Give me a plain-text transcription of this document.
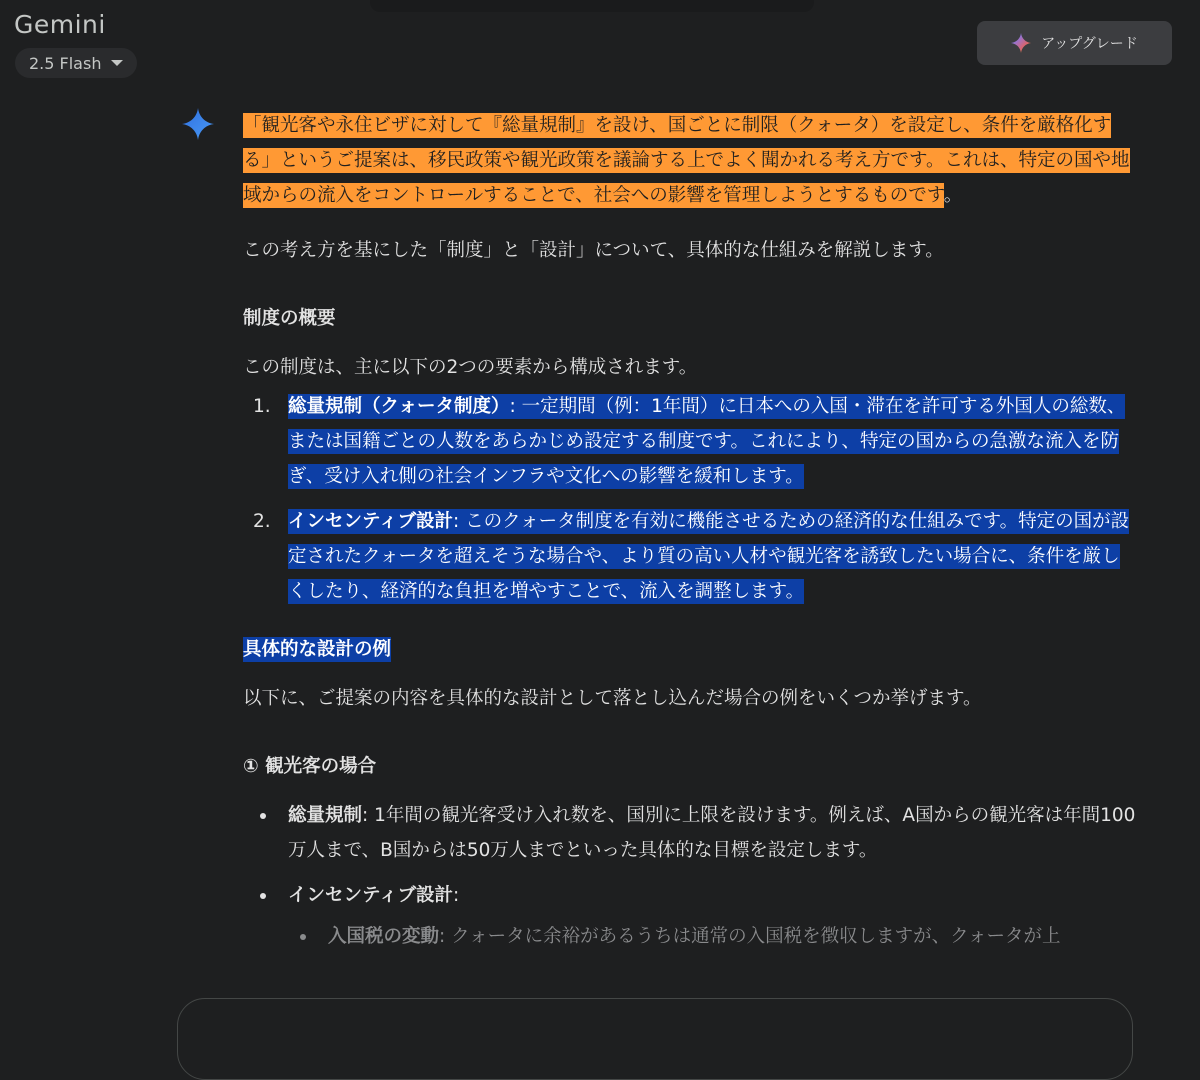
Gemini
2.5 Flash
アップグレード

「観光客や永住ビザに対して『総量規制』を設け、国ごとに制限（クォータ）を設定し、条件を厳格化する」というご提案は、移民政策や観光政策を議論する上でよく聞かれる考え方です。これは、特定の国や地域からの流入をコントロールすることで、社会への影響を管理しようとするものです。

この考え方を基にした「制度」と「設計」について、具体的な仕組みを解説します。

制度の概要

この制度は、主に以下の2つの要素から構成されます。

1. 総量規制（クォータ制度）: 一定期間（例：1年間）に日本への入国・滞在を許可する外国人の総数、または国籍ごとの人数をあらかじめ設定する制度です。これにより、特定の国からの急激な流入を防ぎ、受け入れ側の社会インフラや文化への影響を緩和します。
2. インセンティブ設計: このクォータ制度を有効に機能させるための経済的な仕組みです。特定の国が設定されたクォータを超えそうな場合や、より質の高い人材や観光客を誘致したい場合に、条件を厳しくしたり、経済的な負担を増やすことで、流入を調整します。

具体的な設計の例

以下に、ご提案の内容を具体的な設計として落とし込んだ場合の例をいくつか挙げます。

① 観光客の場合

総量規制: 1年間の観光客受け入れ数を、国別に上限を設けます。例えば、A国からの観光客は年間100万人まで、B国からは50万人までといった具体的な目標を設定します。
インセンティブ設計:
入国税の変動: クォータに余裕があるうちは通常の入国税を徴収しますが、クォータが上
